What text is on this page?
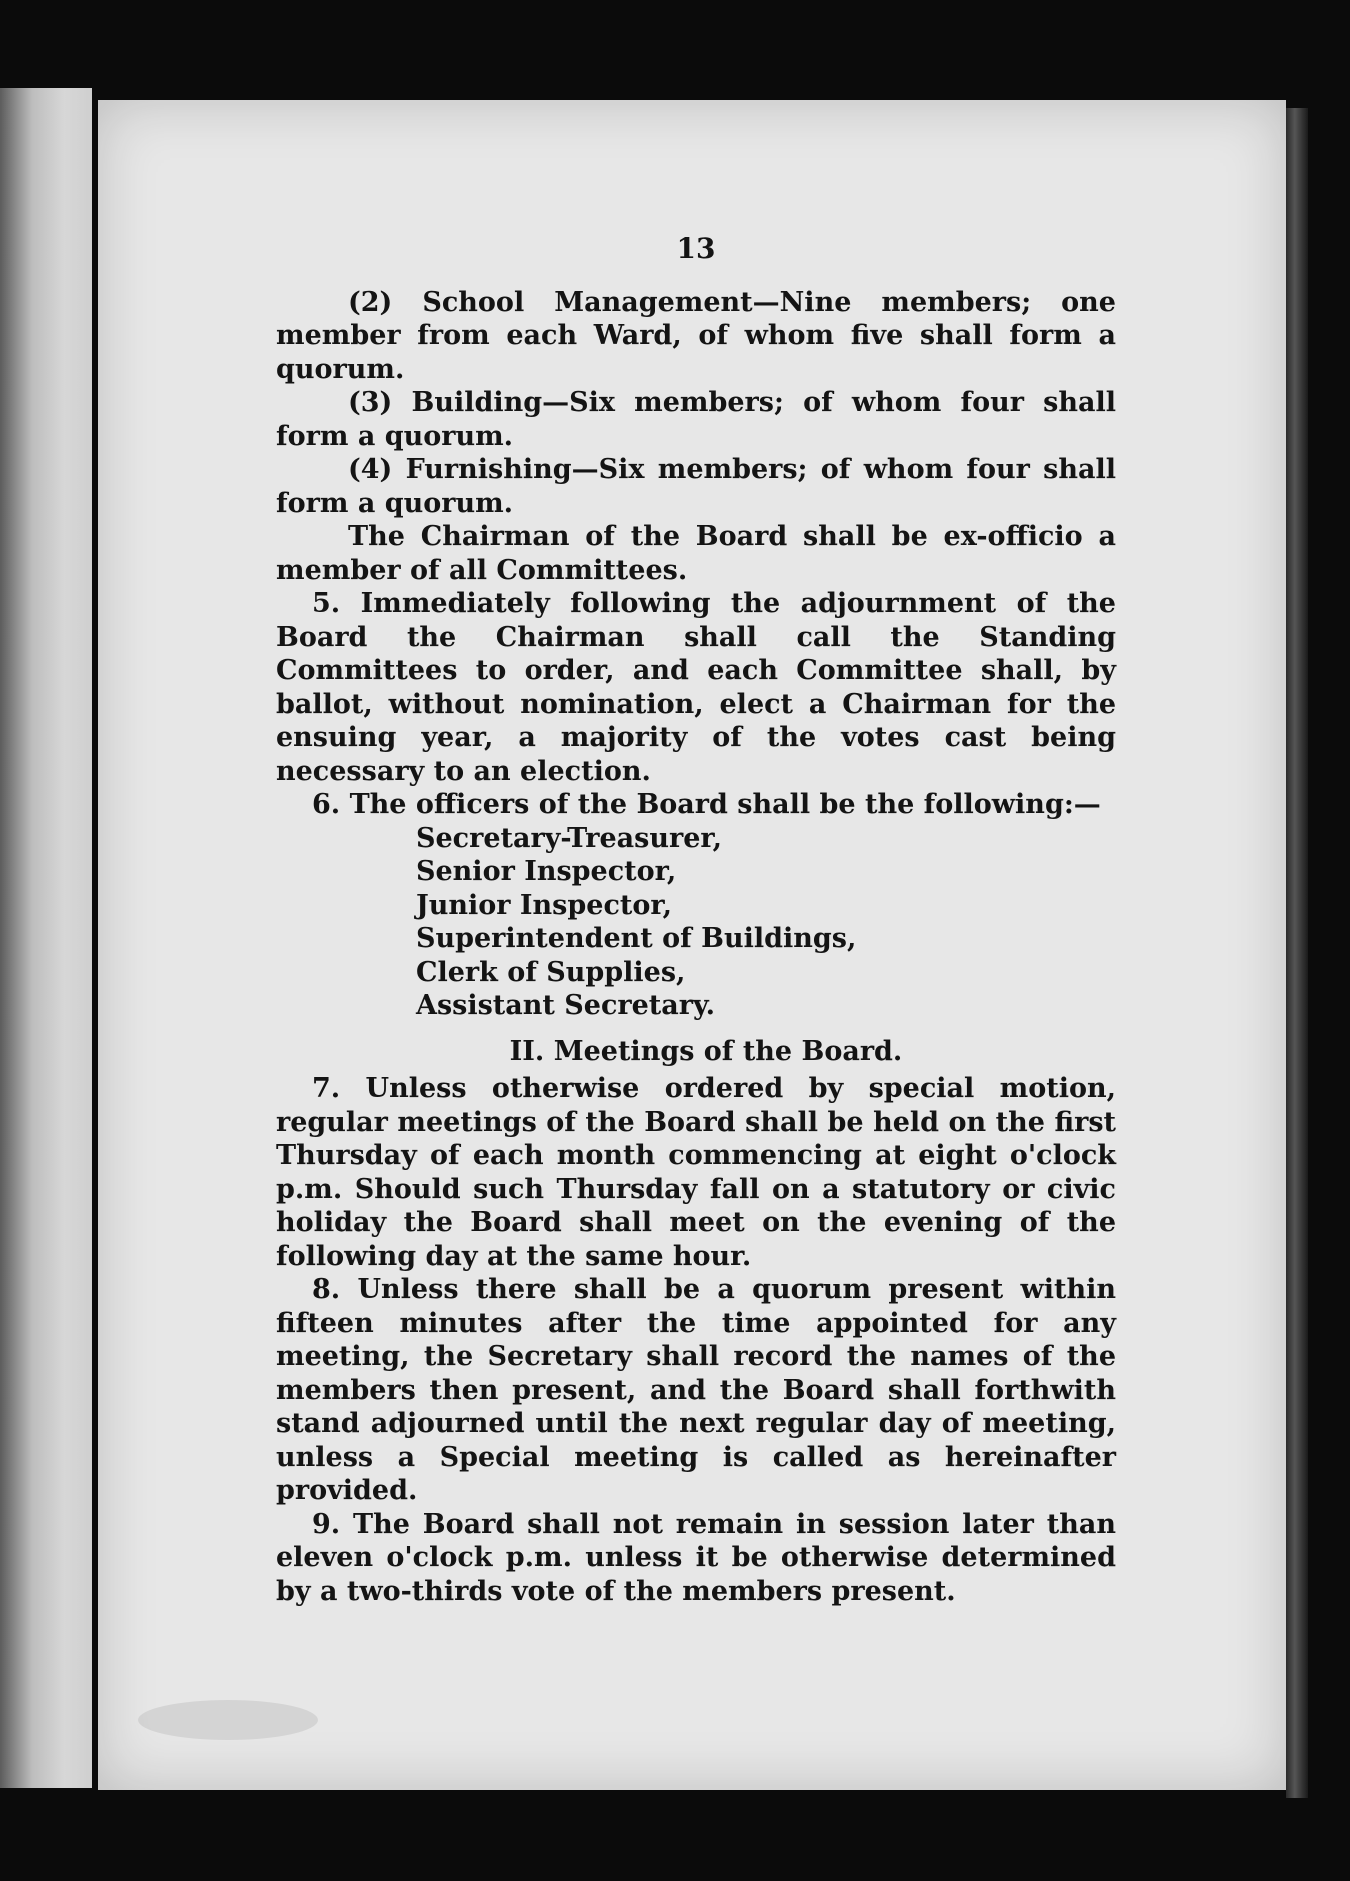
13

(2) School Management—Nine members; one member from each Ward, of whom five shall form a quorum.

(3) Building—Six members; of whom four shall form a quorum.

(4) Furnishing—Six members; of whom four shall form a quorum.

The Chairman of the Board shall be ex-officio a member of all Committees.

5. Immediately following the adjournment of the Board the Chairman shall call the Standing Committees to order, and each Committee shall, by ballot, without nomination, elect a Chairman for the ensuing year, a majority of the votes cast being necessary to an election.

6. The officers of the Board shall be the following:—

Secretary-Treasurer,
Senior Inspector,
Junior Inspector,
Superintendent of Buildings,
Clerk of Supplies,
Assistant Secretary.
II. Meetings of the Board.

7. Unless otherwise ordered by special motion, regular meetings of the Board shall be held on the first Thursday of each month commencing at eight o'clock p.m. Should such Thursday fall on a statutory or civic holiday the Board shall meet on the evening of the following day at the same hour.

8. Unless there shall be a quorum present within fifteen minutes after the time appointed for any meeting, the Secretary shall record the names of the members then present, and the Board shall forthwith stand adjourned until the next regular day of meeting, unless a Special meeting is called as hereinafter provided.

9. The Board shall not remain in session later than eleven o'clock p.m. unless it be otherwise determined by a two-thirds vote of the members present.
